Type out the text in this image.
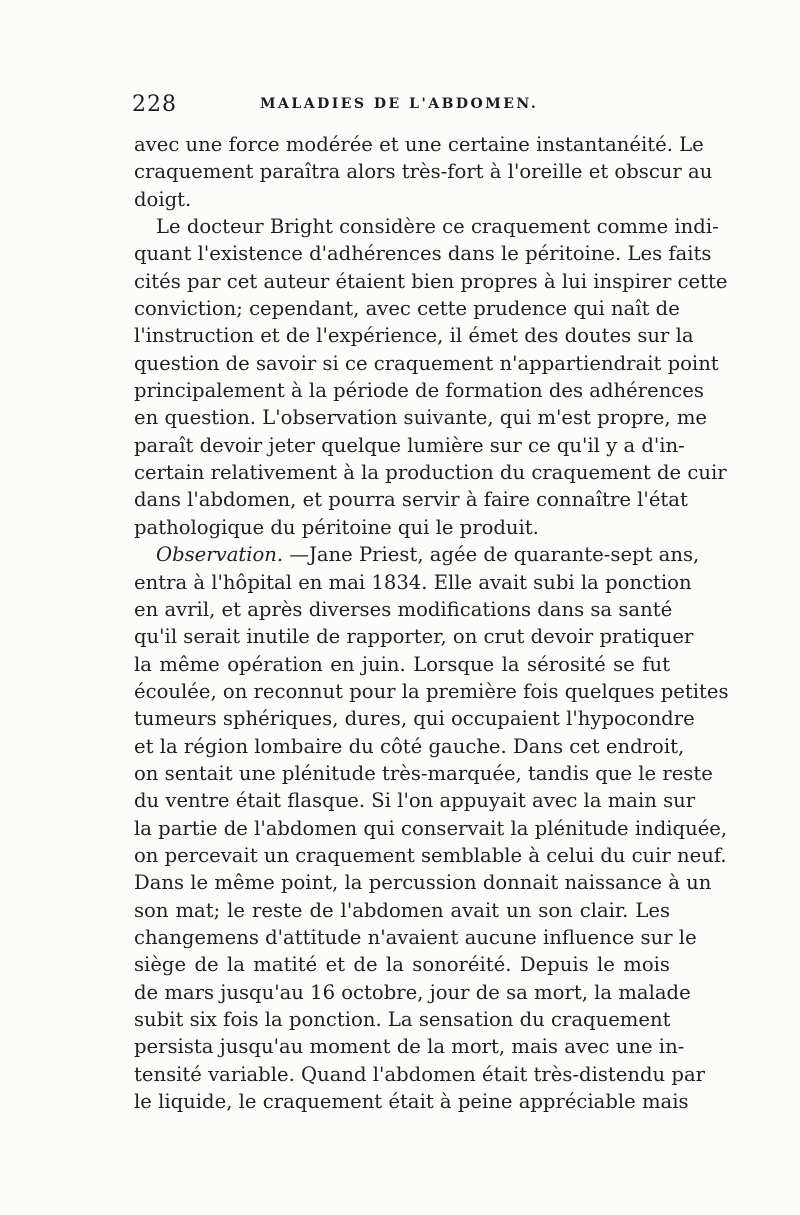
228	MALADIES DE L'ABDOMEN.
avec une force modérée et une certaine instantanéité. Le
craquement paraîtra alors très-fort à l'oreille et obscur au
doigt.
Le docteur Bright considère ce craquement comme indi-
quant l'existence d'adhérences dans le péritoine. Les faits
cités par cet auteur étaient bien propres à lui inspirer cette
conviction; cependant, avec cette prudence qui naît de
l'instruction et de l'expérience, il émet des doutes sur la
question de savoir si ce craquement n'appartiendrait point
principalement à la période de formation des adhérences
en question. L'observation suivante, qui m'est propre, me
paraît devoir jeter quelque lumière sur ce qu'il y a d'in-
certain relativement à la production du craquement de cuir
dans l'abdomen, et pourra servir à faire connaître l'état
pathologique du péritoine qui le produit.
Observation. —Jane Priest, agée de quarante-sept ans,
entra à l'hôpital en mai 1834. Elle avait subi la ponction
en avril, et après diverses modifications dans sa santé
qu'il serait inutile de rapporter, on crut devoir pratiquer
la même opération en juin. Lorsque la sérosité se fut
écoulée, on reconnut pour la première fois quelques petites
tumeurs sphériques, dures, qui occupaient l'hypocondre
et la région lombaire du côté gauche. Dans cet endroit,
on sentait une plénitude très-marquée, tandis que le reste
du ventre était flasque. Si l'on appuyait avec la main sur
la partie de l'abdomen qui conservait la plénitude indiquée,
on percevait un craquement semblable à celui du cuir neuf.
Dans le même point, la percussion donnait naissance à un
son mat; le reste de l'abdomen avait un son clair. Les
changemens d'attitude n'avaient aucune influence sur le
siège de la matité et de la sonoréité. Depuis le mois
de mars jusqu'au 16 octobre, jour de sa mort, la malade
subit six fois la ponction. La sensation du craquement
persista jusqu'au moment de la mort, mais avec une in-
tensité variable. Quand l'abdomen était très-distendu par
le liquide, le craquement était à peine appréciable mais
